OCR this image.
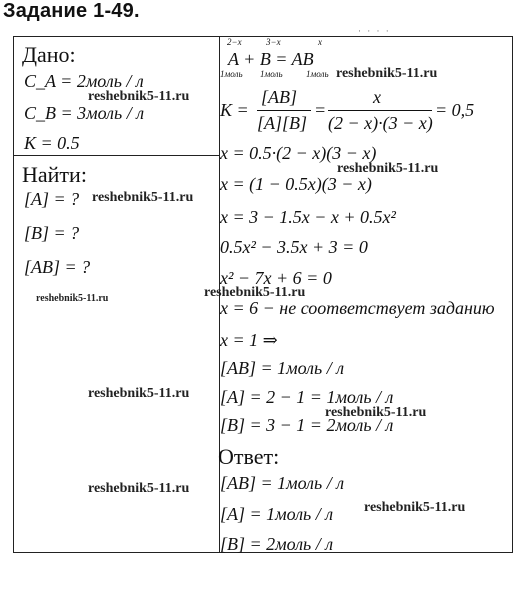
Задание 1-49.
· · · ·
Дано:
C_A = 2моль / л
C_B = 3моль / л
K = 0.5
Найти:
[A] = ?
[B] = ?
[AB] = ?
2−x	3−x	x
A + B = AB
1моль 1моль	1моль
K =
[AB]
[A][B]
=
x
(2 − x)·(3 − x)
= 0,5
x = 0.5·(2 − x)(3 − x)
x = (1 − 0.5x)(3 − x)
x = 3 − 1.5x − x + 0.5x²
0.5x² − 3.5x + 3 = 0
x² − 7x + 6 = 0
x = 6 − не соответствует заданию
x = 1 ⇒
[AB] = 1моль / л
[A] = 2 − 1 = 1моль / л
[B] = 3 − 1 = 2моль / л
Ответ:
[AB] = 1моль / л
[A] = 1моль / л
[B] = 2моль / л
reshebnik5-11.ru
reshebnik5-11.ru
reshebnik5-11.ru
reshebnik5-11.ru
reshebnik5-11.ru
reshebnik5-11.ru
reshebnik5-11.ru
reshebnik5-11.ru
reshebnik5-11.ru
reshebnik5-11.ru
